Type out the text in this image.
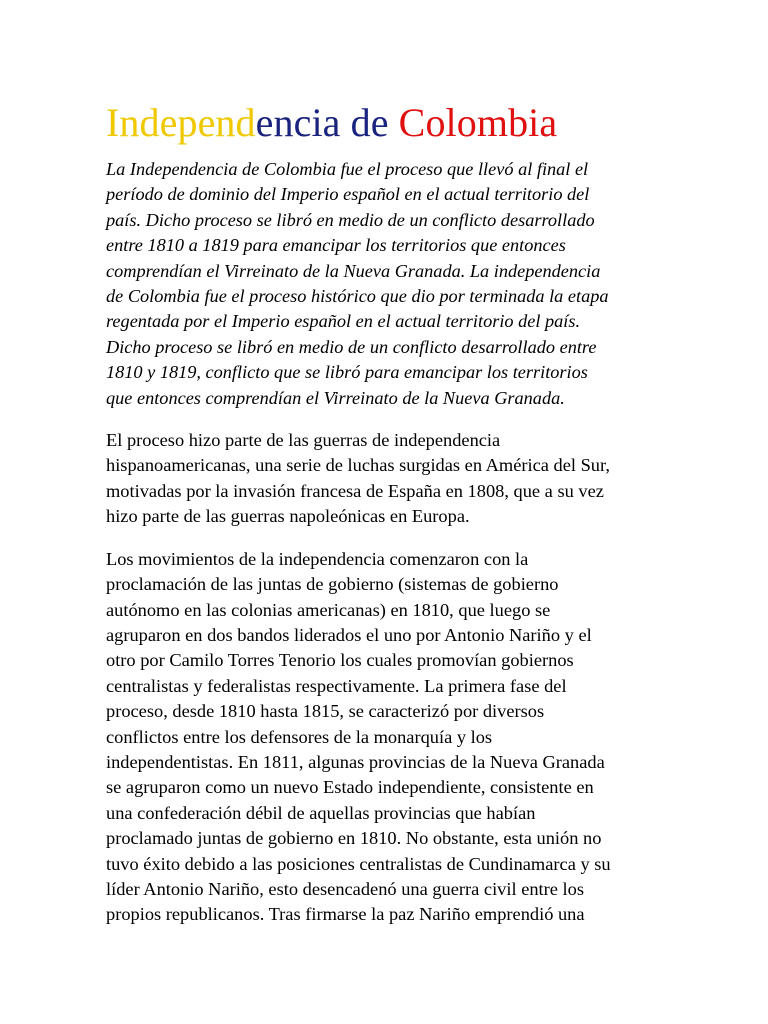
Independencia de Colombia

La Independencia de Colombia fue el proceso que llevó al final el
período de dominio del Imperio español en el actual territorio del
país. Dicho proceso se libró en medio de un conflicto desarrollado
entre 1810 a 1819 para emancipar los territorios que entonces
comprendían el Virreinato de la Nueva Granada. La independencia
de Colombia fue el proceso histórico que dio por terminada la etapa
regentada por el Imperio español en el actual territorio del país.
Dicho proceso se libró en medio de un conflicto desarrollado entre
1810 y 1819, conflicto que se libró para emancipar los territorios
que entonces comprendían el Virreinato de la Nueva Granada.

El proceso hizo parte de las guerras de independencia
hispanoamericanas, una serie de luchas surgidas en América del Sur,
motivadas por la invasión francesa de España en 1808, que a su vez
hizo parte de las guerras napoleónicas en Europa.

Los movimientos de la independencia comenzaron con la
proclamación de las juntas de gobierno (sistemas de gobierno
autónomo en las colonias americanas) en 1810, que luego se
agruparon en dos bandos liderados el uno por Antonio Nariño y el
otro por Camilo Torres Tenorio los cuales promovían gobiernos
centralistas y federalistas respectivamente. La primera fase del
proceso, desde 1810 hasta 1815, se caracterizó por diversos
conflictos entre los defensores de la monarquía y los
independentistas. En 1811, algunas provincias de la Nueva Granada
se agruparon como un nuevo Estado independiente, consistente en
una confederación débil de aquellas provincias que habían
proclamado juntas de gobierno en 1810. No obstante, esta unión no
tuvo éxito debido a las posiciones centralistas de Cundinamarca y su
líder Antonio Nariño, esto desencadenó una guerra civil entre los
propios republicanos. Tras firmarse la paz Nariño emprendió una
